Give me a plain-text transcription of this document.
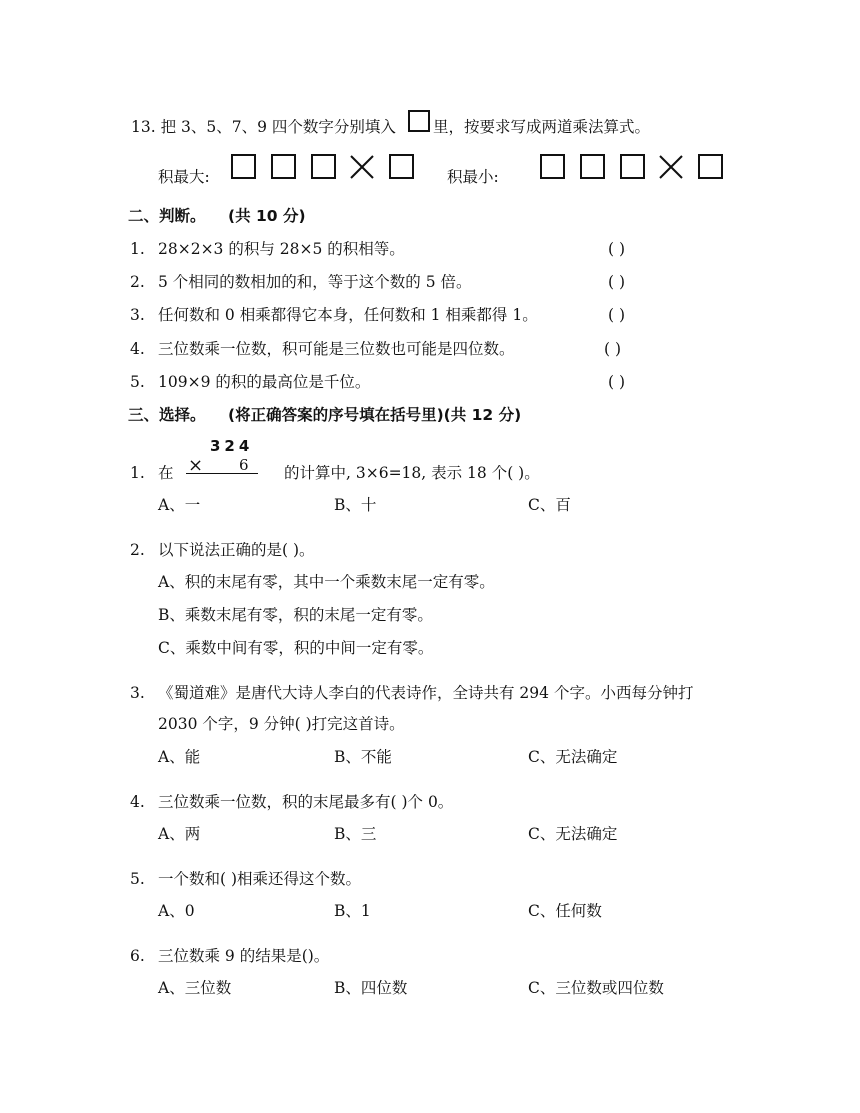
13. 把 3、5、7、9 四个数字分别填入 里，按要求写成两道乘法算式。
积最大:	积最小:
二、判断。 (共 10 分)
1. 28×2×3 的积与 28×5 的积相等。	( )
2. 5 个相同的数相加的和，等于这个数的 5 倍。	( )
3. 任何数和 0 相乘都得它本身，任何数和 1 相乘都得 1。	( )
4. 三位数乘一位数，积可能是三位数也可能是四位数。	( )
5. 109×9 的积的最高位是千位。	( )
三、选择。 (将正确答案的序号填在括号里)(共 12 分)
1. 在
324
× 6 的计算中, 3×6=18, 表示 18 个( )。
A、一	B、十	C、百
2. 以下说法正确的是( )。
A、积的末尾有零，其中一个乘数末尾一定有零。
B、乘数末尾有零，积的末尾一定有零。
C、乘数中间有零，积的中间一定有零。
3. 《蜀道难》是唐代大诗人李白的代表诗作，全诗共有 294 个字。小西每分钟打
2030 个字，9 分钟( )打完这首诗。
A、能	B、不能	C、无法确定
4. 三位数乘一位数，积的末尾最多有( )个 0。
A、两	B、三	C、无法确定
5. 一个数和( )相乘还得这个数。
A、0	B、1	C、任何数
6. 三位数乘 9 的结果是()。
A、三位数	B、四位数	C、三位数或四位数
